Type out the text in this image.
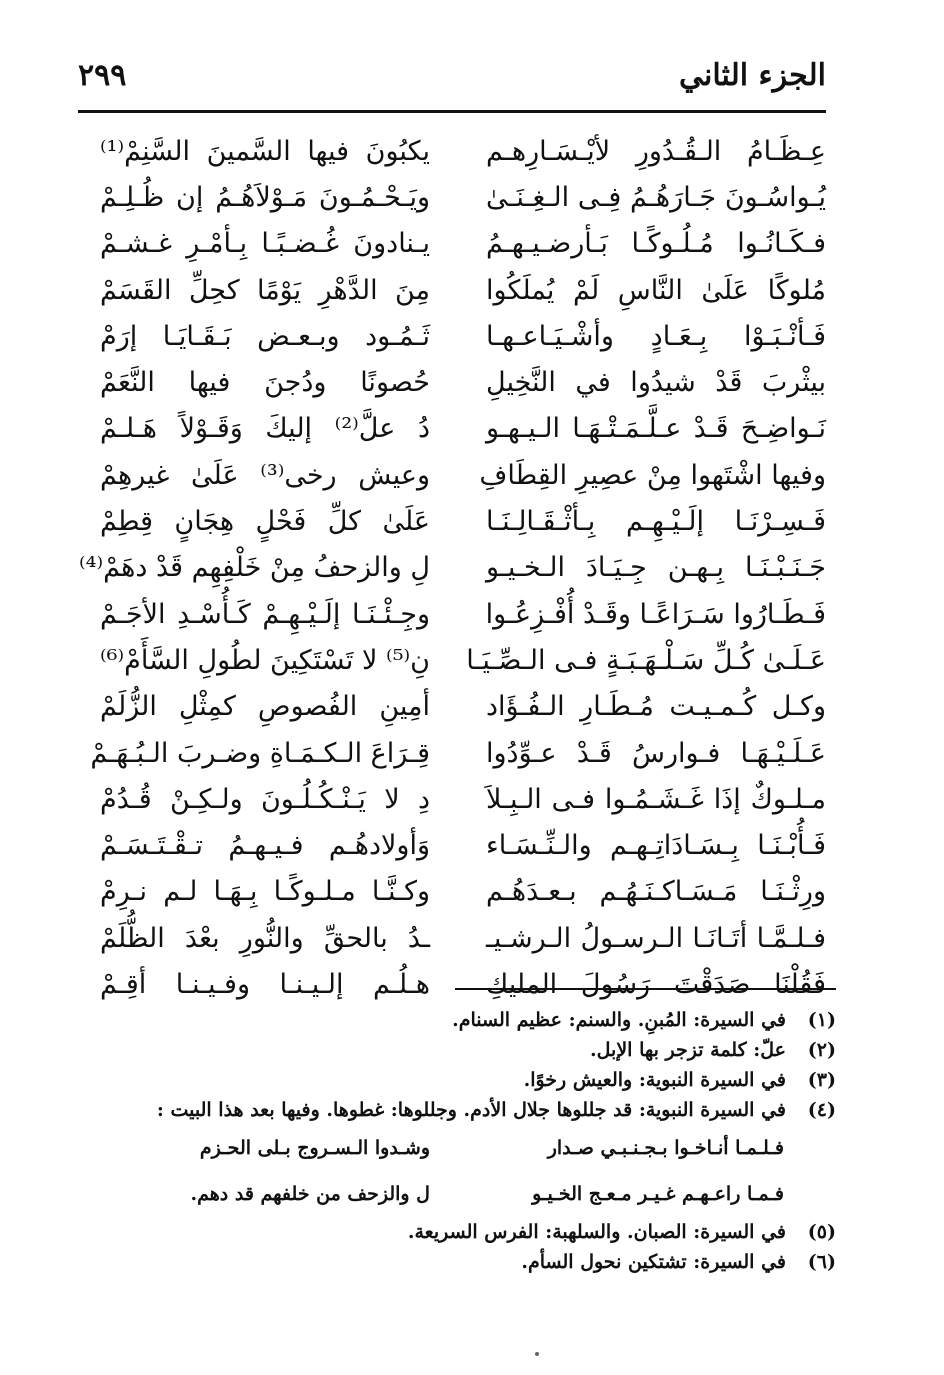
الجزء الثاني
٢٩٩
عِـظَـامُ الـقُـدُورِ لأيْـسَـارِهـم
يكبُونَ فيها السَّمينَ السَّنِمْ⁽¹⁾
يُـواسُـونَ جَـارَهُـمُ فِـى الـغِـنَـىٰ
ويَـحْـمُـونَ مَـوْلاَهُـمُ إن ظُـلِـمْ
فـكَـانُـوا مُـلُـوكًـا بَـأرضـيـهـمُ
يـنادونَ غُـضـبًـا بِـأمْـرِ غـشـمْ
مُلوكًا عَلَىٰ النَّاسِ لَمْ يُملَكُوا
مِنَ الدَّهْرِ يَوْمًا كحِلِّ القَسَمْ
فَـأنْـبَـوْا بِـعَـادٍ وأشْـيَـاعـهـا
ثَـمُـود وبـعـض بَـقَـايَـا إرَمْ
بيثْربَ قَدْ شيدُوا في النَّخِيلِ
حُصونًا ودُجنَ فيها النَّعَمْ
نَـواضِـحَ قَـدْ عـلَّـمَـتْـهَـا الـيـهـو
دُ علَّ⁽²⁾ إليكَ وَقَـوْلاً هَـلـمْ
وفيها اشْتَهوا مِنْ عصِيرِ القِطَافِ
وعيش رخى⁽³⁾ عَلَىٰ غيرهِمْ
فَـسِـرْنَـا إلَـيْـهِـم بِـأثْـقَـالِـنَـا
عَلَىٰ كلِّ فَحْلٍ هِجَانٍ قِطِمْ
جَـنَـبْـنَـا بِـهـن جِـيَـادَ الـخـيـو
لِ والزحفُ مِنْ خَلْفِهِم قَدْ دهَمْ⁽⁴⁾
فَـطَـارُوا سَـرَاعًـا وقَـدْ أُفْـزِعُـوا
وجِـئْـنَـا إلَـيْـهِـمْ كَـأُسْـدِ الأجَـمْ
عَـلَـىٰ كُـلِّ سَـلْـهَـبَـةٍ فـى الـصِّـيَـا
نِ⁽⁵⁾ لا تَسْتَكِينَ لطُولِ السَّأَمْ⁽⁶⁾
وكـل كُـمـيـت مُـطَـارِ الـفُـؤَاد
أمِينِ الفُصوصِ كمِثْلِ الزُّلَمْ
عَـلَـيْـهَـا فـوارسُ قَـدْ عـوِّدُوا
قِـرَاعَ الـكـمَـاةِ وضـربَ الـبُـهَـمْ
مـلـوكٌ إذَا غَـشَـمُـوا فـى الـبِـلاَ
دِ لا يَـنْـكُـلُـونَ ولـكِـنْ قُـدُمْ
فَـأُبْـنَـا بِـسَـادَاتِـهـم والـنِّـسَـاء
وَأولادهُـم فـيـهـمُ تـقْـتَـسَـمْ
ورِثْـنَـا مَـسَـاكـنَـهُـم بـعـدَهُـم
وكـنَّـا مـلـوكًـا بِـهَـا لـم نـرِمْ
فـلـمَّـا أتَـانَـا الـرسـولُ الـرشـيـ
ـدُ بالحقِّ والنُّورِ بعْدَ الظُّلَمْ
فَقُلْنَا صَدَقْتَ رَسُولَ المليكِ
هـلُـم إلـيـنـا وفـيـنـا أقِـمْ
(١)
في السيرة: المُبنِ. والسنم: عظيم السنام.
(٢)
علّ: كلمة تزجر بها الإبل.
(٣)
في السيرة النبوية: والعيش رخوًا.
(٤)
في السيرة النبوية: قد جللوها جلال الأدم. وجللوها: غطوها. وفيها بعد هذا البيت :
فـلـمـا أنـاخـوا بـجـنـبـي صـدار
وشـدوا الـسـروج بـلى الحـزم
فـمـا راعـهـم غـيـر مـعـج الخـيـو
ل والزحف من خلفهم قد دهم.
(٥)
في السيرة: الصبان. والسلهبة: الفرس السريعة.
(٦)
في السيرة: تشتكين نحول السأم.
